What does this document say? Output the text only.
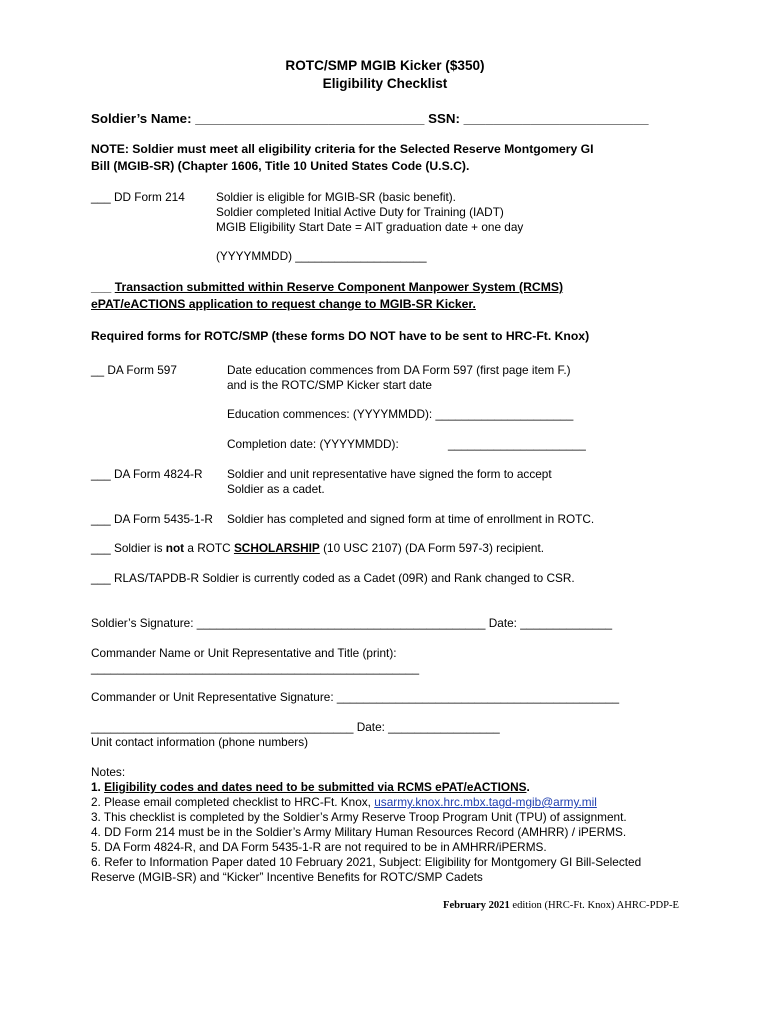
ROTC/SMP MGIB Kicker ($350)
Eligibility Checklist
Soldier’s Name: _______________________________ SSN: _________________________
NOTE: Soldier must meet all eligibility criteria for the Selected Reserve Montgomery GI
Bill (MGIB-SR) (Chapter 1606, Title 10 United States Code (U.S.C).
___ DD Form 214	Soldier is eligible for MGIB-SR (basic benefit).
Soldier completed Initial Active Duty for Training (IADT)
MGIB Eligibility Start Date = AIT graduation date + one day
(YYYYMMDD) ____________________
___ Transaction submitted within Reserve Component Manpower System (RCMS)
ePAT/eACTIONS application to request change to MGIB-SR Kicker.
Required forms for ROTC/SMP (these forms DO NOT have to be sent to HRC-Ft. Knox)
__ DA Form 597	Date education commences from DA Form 597 (first page item F.)
and is the ROTC/SMP Kicker start date
Education commences: (YYYYMMDD): _____________________
Completion date: (YYYYMMDD):	_____________________
___ DA Form 4824-R Soldier and unit representative have signed the form to accept
Soldier as a cadet.
___ DA Form 5435-1-R Soldier has completed and signed form at time of enrollment in ROTC.
___ Soldier is not a ROTC SCHOLARSHIP (10 USC 2107) (DA Form 597-3) recipient.
___ RLAS/TAPDB-R Soldier is currently coded as a Cadet (09R) and Rank changed to CSR.
Soldier’s Signature: ____________________________________________ Date: ______________
Commander Name or Unit Representative and Title (print):
__________________________________________________
Commander or Unit Representative Signature: ___________________________________________
________________________________________ Date: _________________
Unit contact information (phone numbers)
Notes:
1. Eligibility codes and dates need to be submitted via RCMS ePAT/eACTIONS.
2. Please email completed checklist to HRC-Ft. Knox, usarmy.knox.hrc.mbx.tagd-mgib@army.mil
3. This checklist is completed by the Soldier’s Army Reserve Troop Program Unit (TPU) of assignment.
4. DD Form 214 must be in the Soldier’s Army Military Human Resources Record (AMHRR) / iPERMS.
5. DA Form 4824-R, and DA Form 5435-1-R are not required to be in AMHRR/iPERMS.
6. Refer to Information Paper dated 10 February 2021, Subject: Eligibility for Montgomery GI Bill-Selected
Reserve (MGIB-SR) and “Kicker” Incentive Benefits for ROTC/SMP Cadets
February 2021 edition (HRC-Ft. Knox) AHRC-PDP-E
